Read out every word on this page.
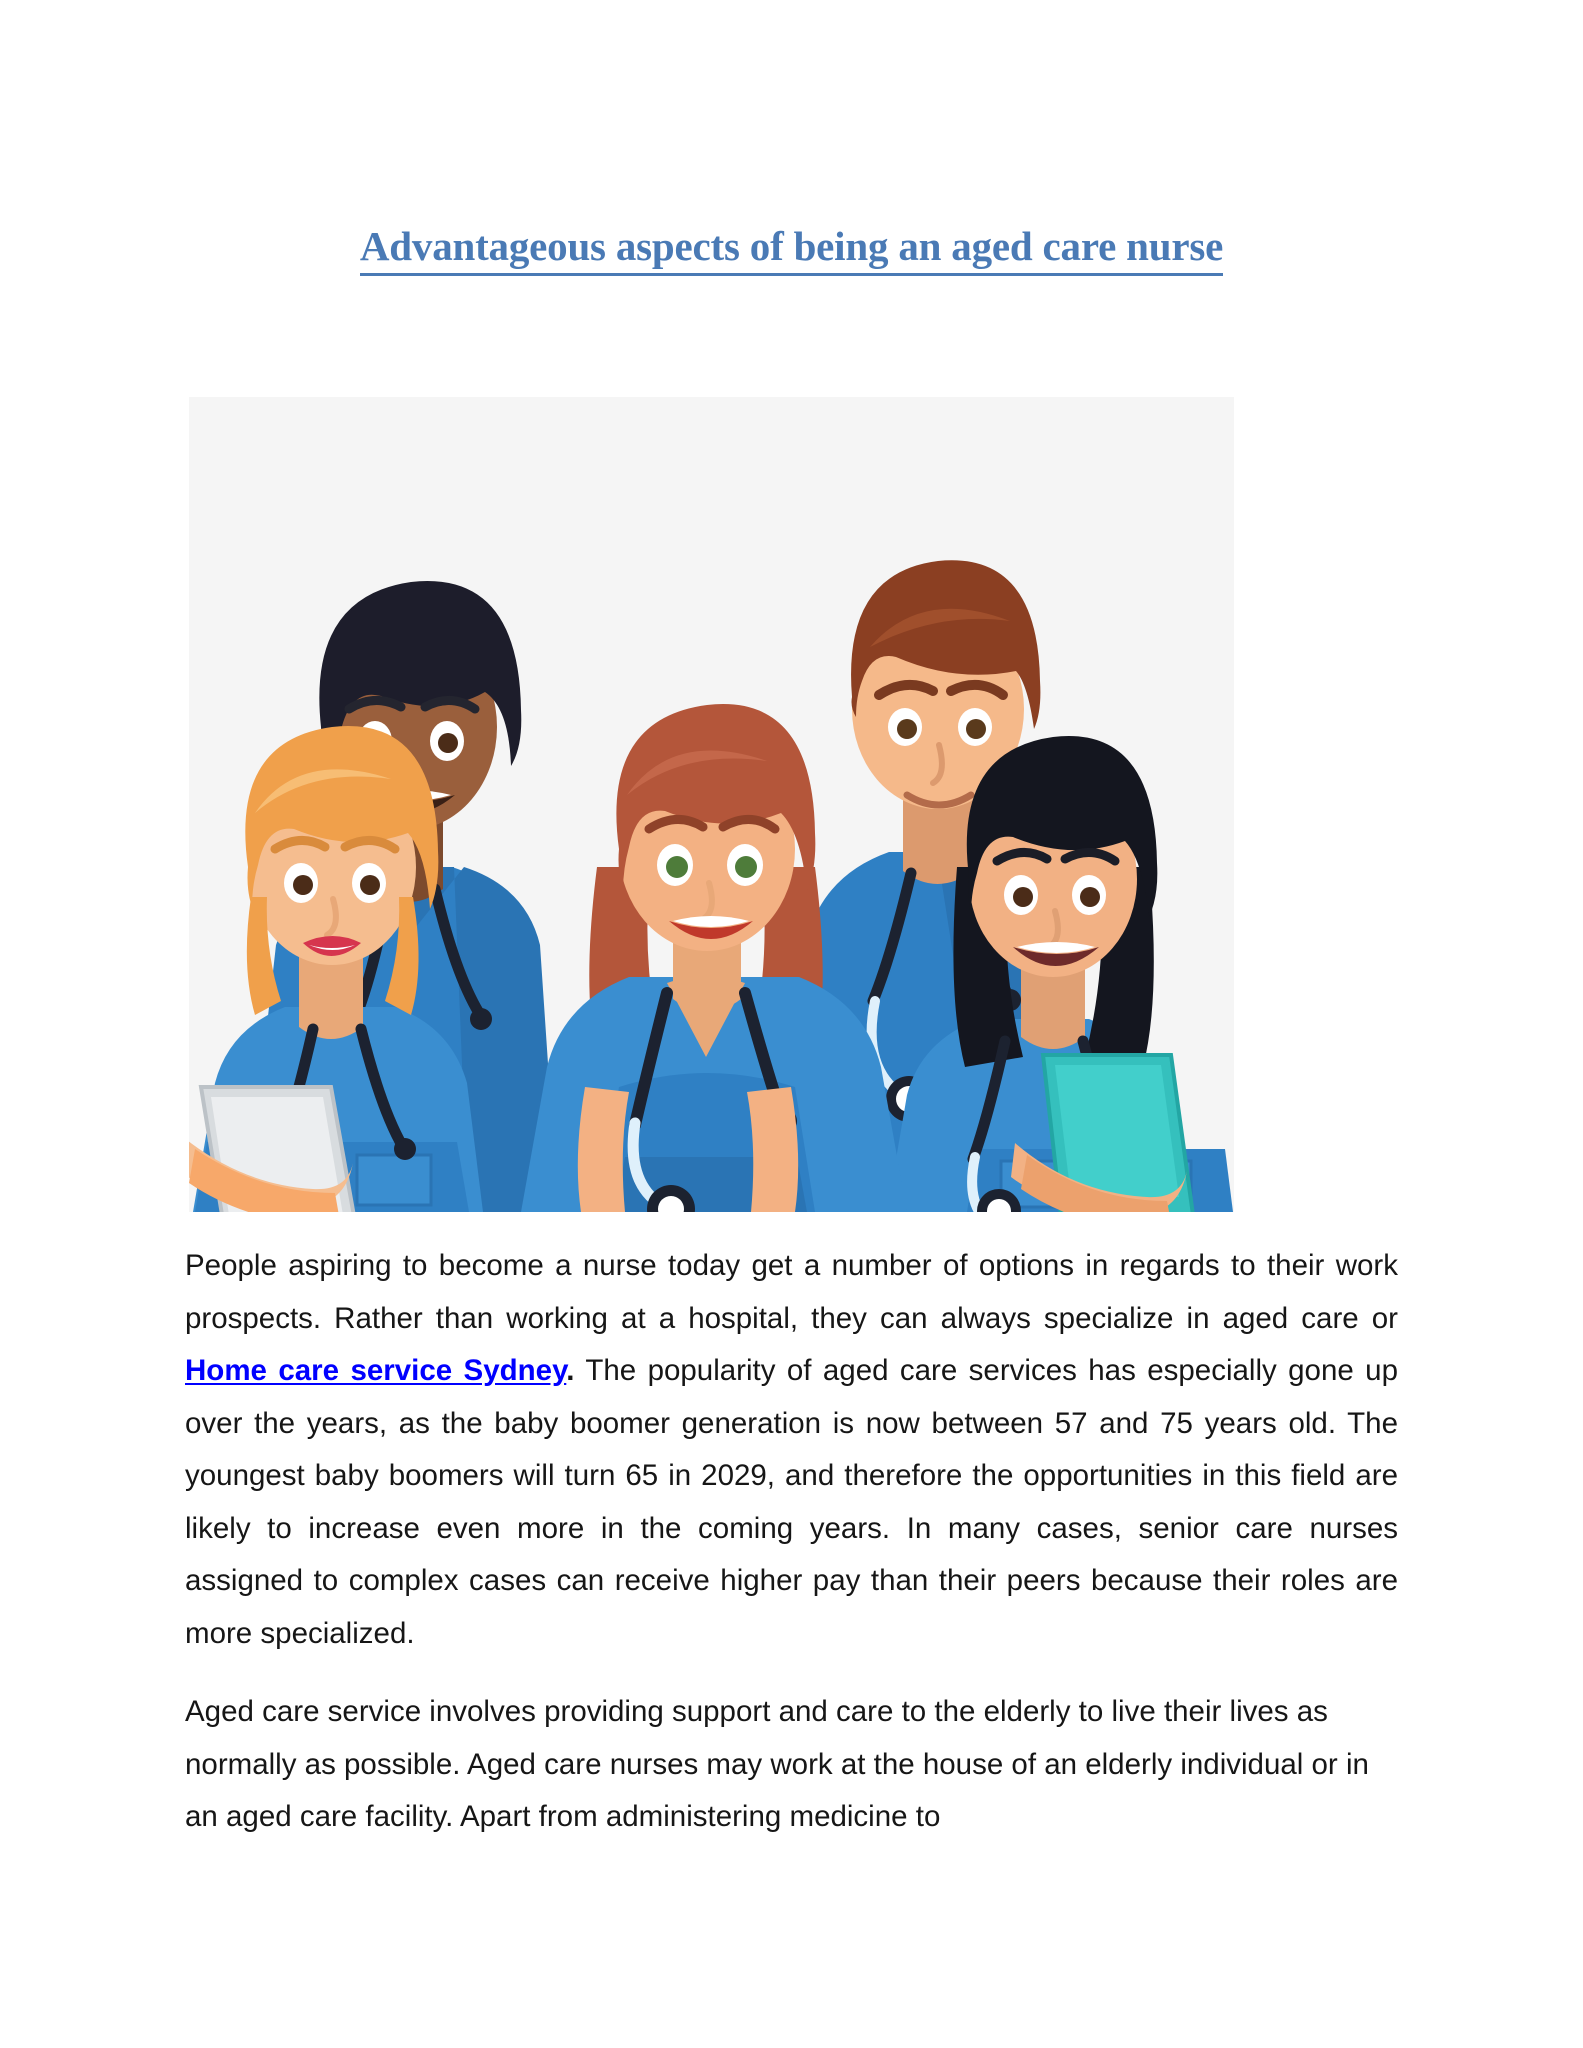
Advantageous aspects of being an aged care nurse

People aspiring to become a nurse today get a number of options in regards to their work prospects. Rather than working at a hospital, they can always specialize in aged care or Home care service Sydney. The popularity of aged care services has especially gone up over the years, as the baby boomer generation is now between 57 and 75 years old. The youngest baby boomers will turn 65 in 2029, and therefore the opportunities in this field are likely to increase even more in the coming years. In many cases, senior care nurses assigned to complex cases can receive higher pay than their peers because their roles are more specialized.

Aged care service involves providing support and care to the elderly to live their lives as normally as possible. Aged care nurses may work at the house of an elderly individual or in an aged care facility. Apart from administering medicine to
